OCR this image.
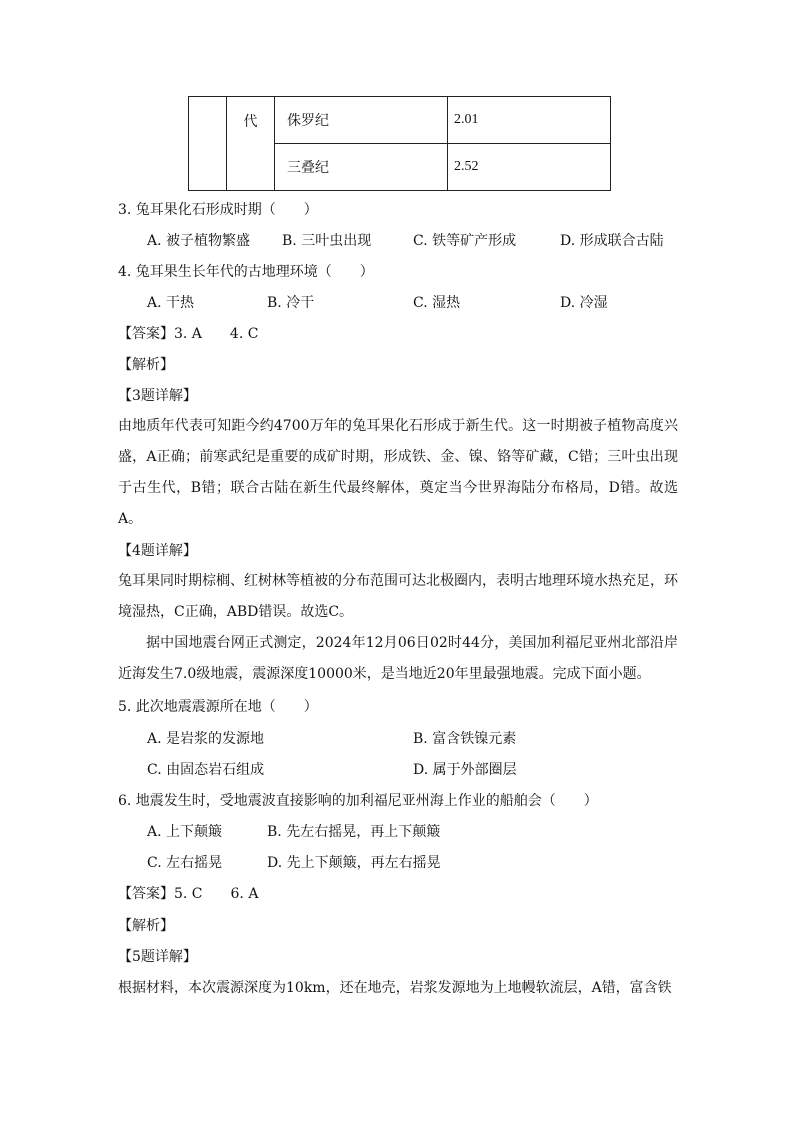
	代	侏罗纪	2.01
		三叠纪	2.52
3. 兔耳果化石形成时期（　　）
A. 被子植物繁盛 B. 三叶虫出现	C. 铁等矿产形成	D. 形成联合古陆
4. 兔耳果生长年代的古地理环境（　　）
A. 干热	B. 冷干	C. 湿热	D. 冷湿
【答案】3. A　　4. C
【解析】
【3题详解】
由地质年代表可知距今约4700万年的兔耳果化石形成于新生代。这一时期被子植物高度兴盛，A正确；前寒武纪是重要的成矿时期，形成铁、金、镍、铬等矿藏，C错；三叶虫出现于古生代，B错；联合古陆在新生代最终解体，奠定当今世界海陆分布格局，D错。故选A。
【4题详解】
兔耳果同时期棕榈、红树林等植被的分布范围可达北极圈内，表明古地理环境水热充足，环境湿热，C正确，ABD错误。故选C。
据中国地震台网正式测定，2024年12月06日02时44分，美国加利福尼亚州北部沿岸近海发生7.0级地震，震源深度10000米，是当地近20年里最强地震。完成下面小题。
5. 此次地震震源所在地（　　）
A. 是岩浆的发源地	B. 富含铁镍元素
C. 由固态岩石组成	D. 属于外部圈层
6. 地震发生时，受地震波直接影响的加利福尼亚州海上作业的船舶会（　　）
A. 上下颠簸	B. 先左右摇晃，再上下颠簸
C. 左右摇晃	D. 先上下颠簸，再左右摇晃
【答案】5. C　　6. A
【解析】
【5题详解】
根据材料，本次震源深度为10km，还在地壳，岩浆发源地为上地幔软流层，A错，富含铁
